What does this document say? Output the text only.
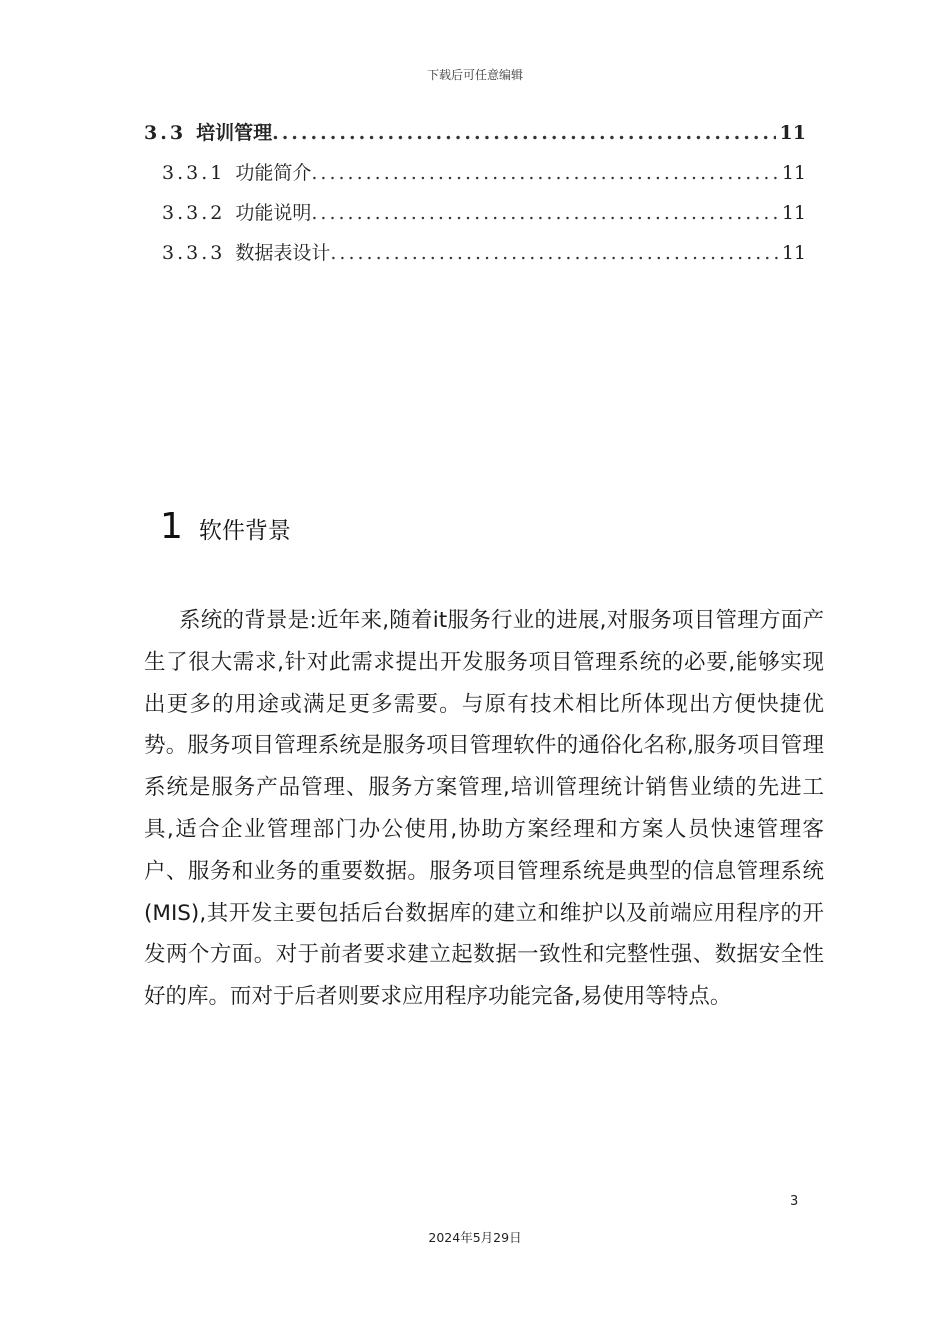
下载后可任意编辑
3.3 培训管理 .....	11
3.3.1 功能简介 .....	11
3.3.2 功能说明 .....	11
3.3.3 数据表设计 .....	11
1 软件背景

系统的背景是:近年来,随着it服务行业的进展,对服务项目管理方面产生了很大需求,针对此需求提出开发服务项目管理系统的必要,能够实现出更多的用途或满足更多需要。与原有技术相比所体现出方便快捷优势。服务项目管理系统是服务项目管理软件的通俗化名称,服务项目管理系统是服务产品管理、服务方案管理,培训管理统计销售业绩的先进工具,适合企业管理部门办公使用,协助方案经理和方案人员快速管理客户、服务和业务的重要数据。服务项目管理系统是典型的信息管理系统(MIS),其开发主要包括后台数据库的建立和维护以及前端应用程序的开发两个方面。对于前者要求建立起数据一致性和完整性强、数据安全性好的库。而对于后者则要求应用程序功能完备,易使用等特点。

3
2024年5月29日
